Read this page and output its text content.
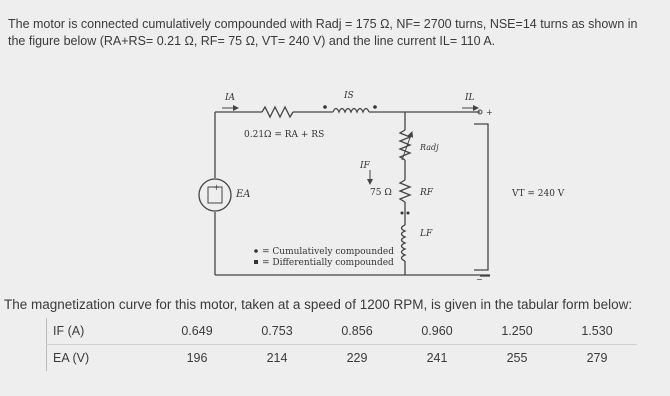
The motor is connected cumulatively compounded with Radj = 175 Ω, NF= 2700 turns, NSE=14 turns as shown in the figure below (RA+RS= 0.21 Ω, RF= 75 Ω, VT= 240 V) and the line current IL= 110 A.
+
EA
+
−
VT = 240 V
IA	IS	IL
IF
0.21Ω = RA + RS
Radj
75 Ω	RF
LF
= Cumulatively compounded
= Differentially compounded
The magnetization curve for this motor, taken at a speed of 1200 RPM, is given in the tabular form below:
IF (A)	0.649	0.753	0.856	0.960	1.250	1.530
EA (V)	196	214	229	241	255	279
